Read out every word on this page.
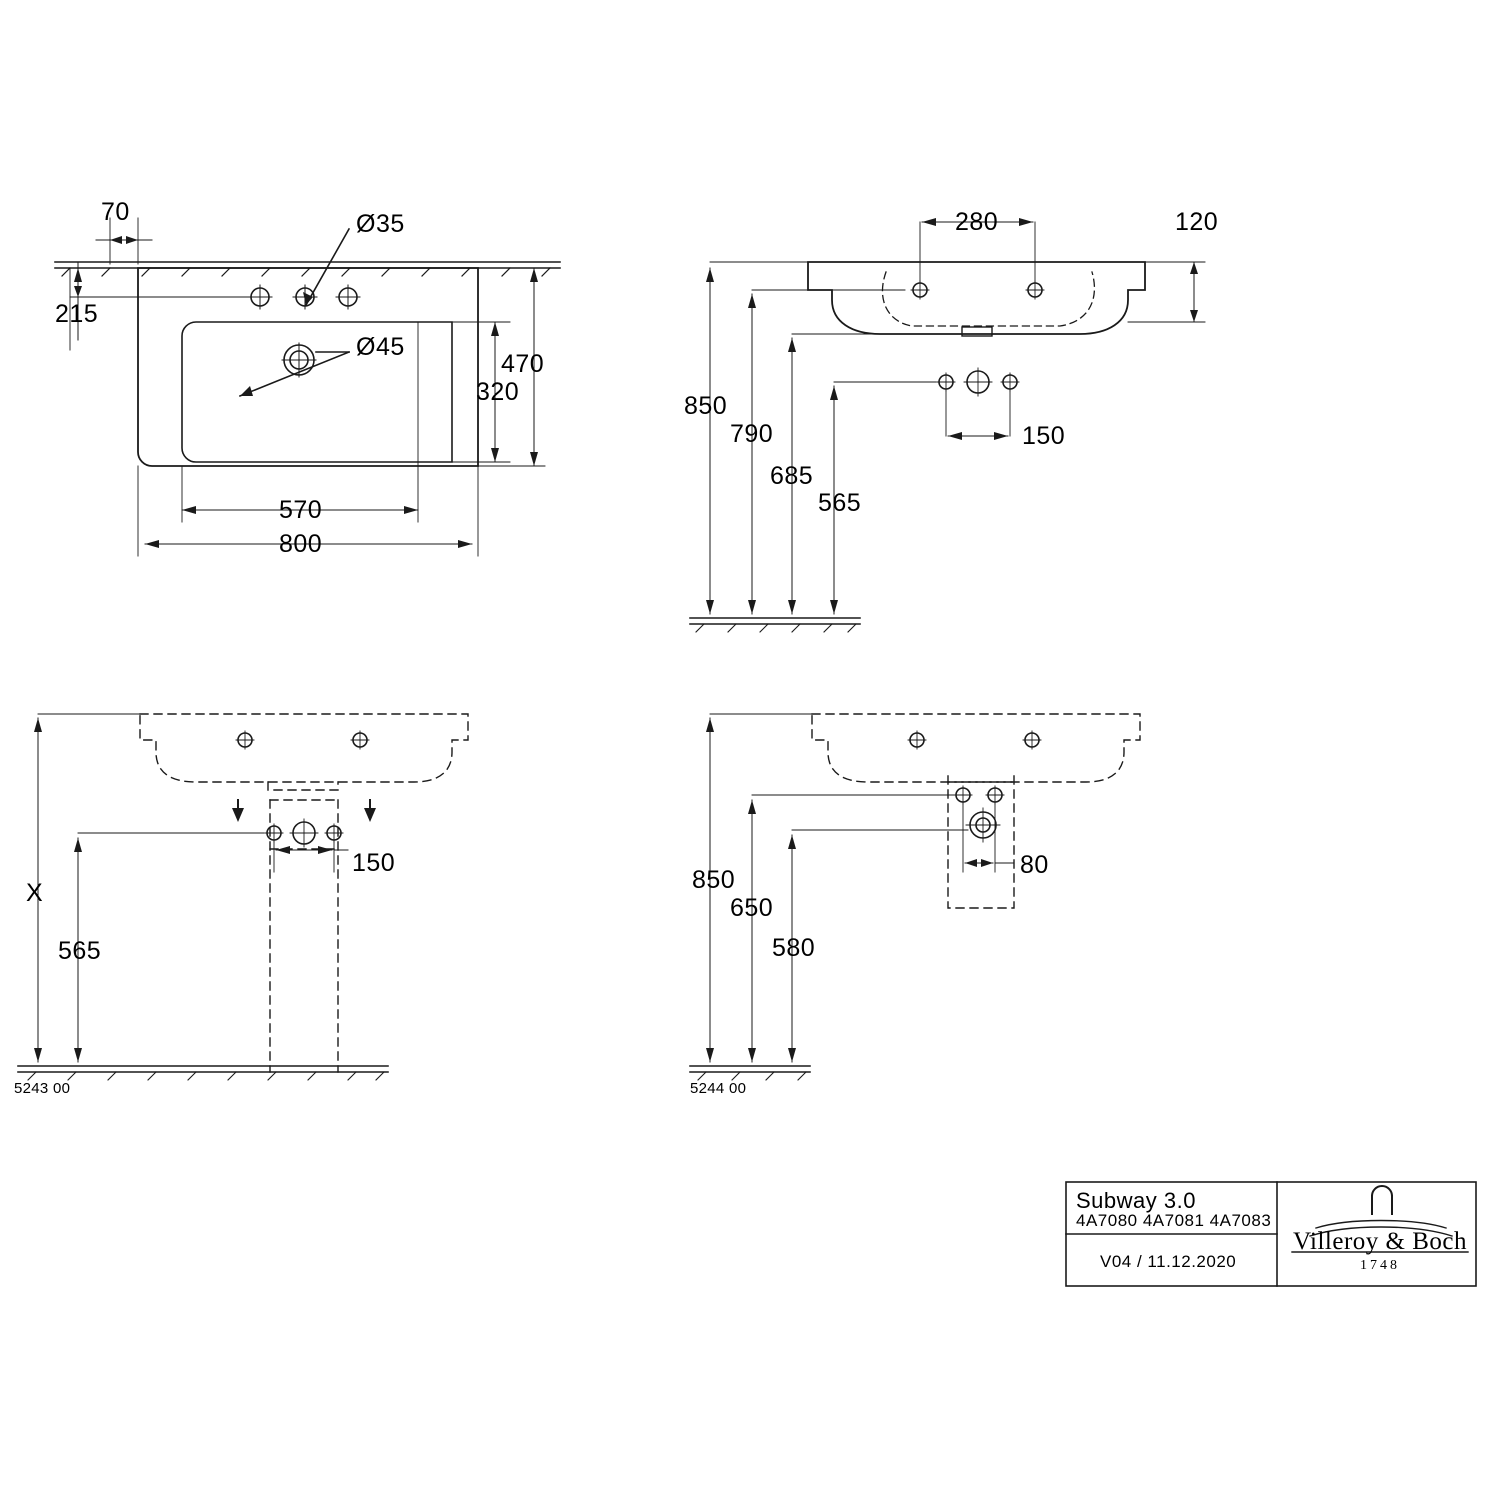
70
215
Ø35
Ø45
470
320
570
800
280	120
850
790
685
565
150
X
565
150
5243 00
850
650
580
80
5244 00
Subway 3.0
4A7080 4A7081 4A7083
V04 / 11.12.2020
Villeroy & Boch
1748
